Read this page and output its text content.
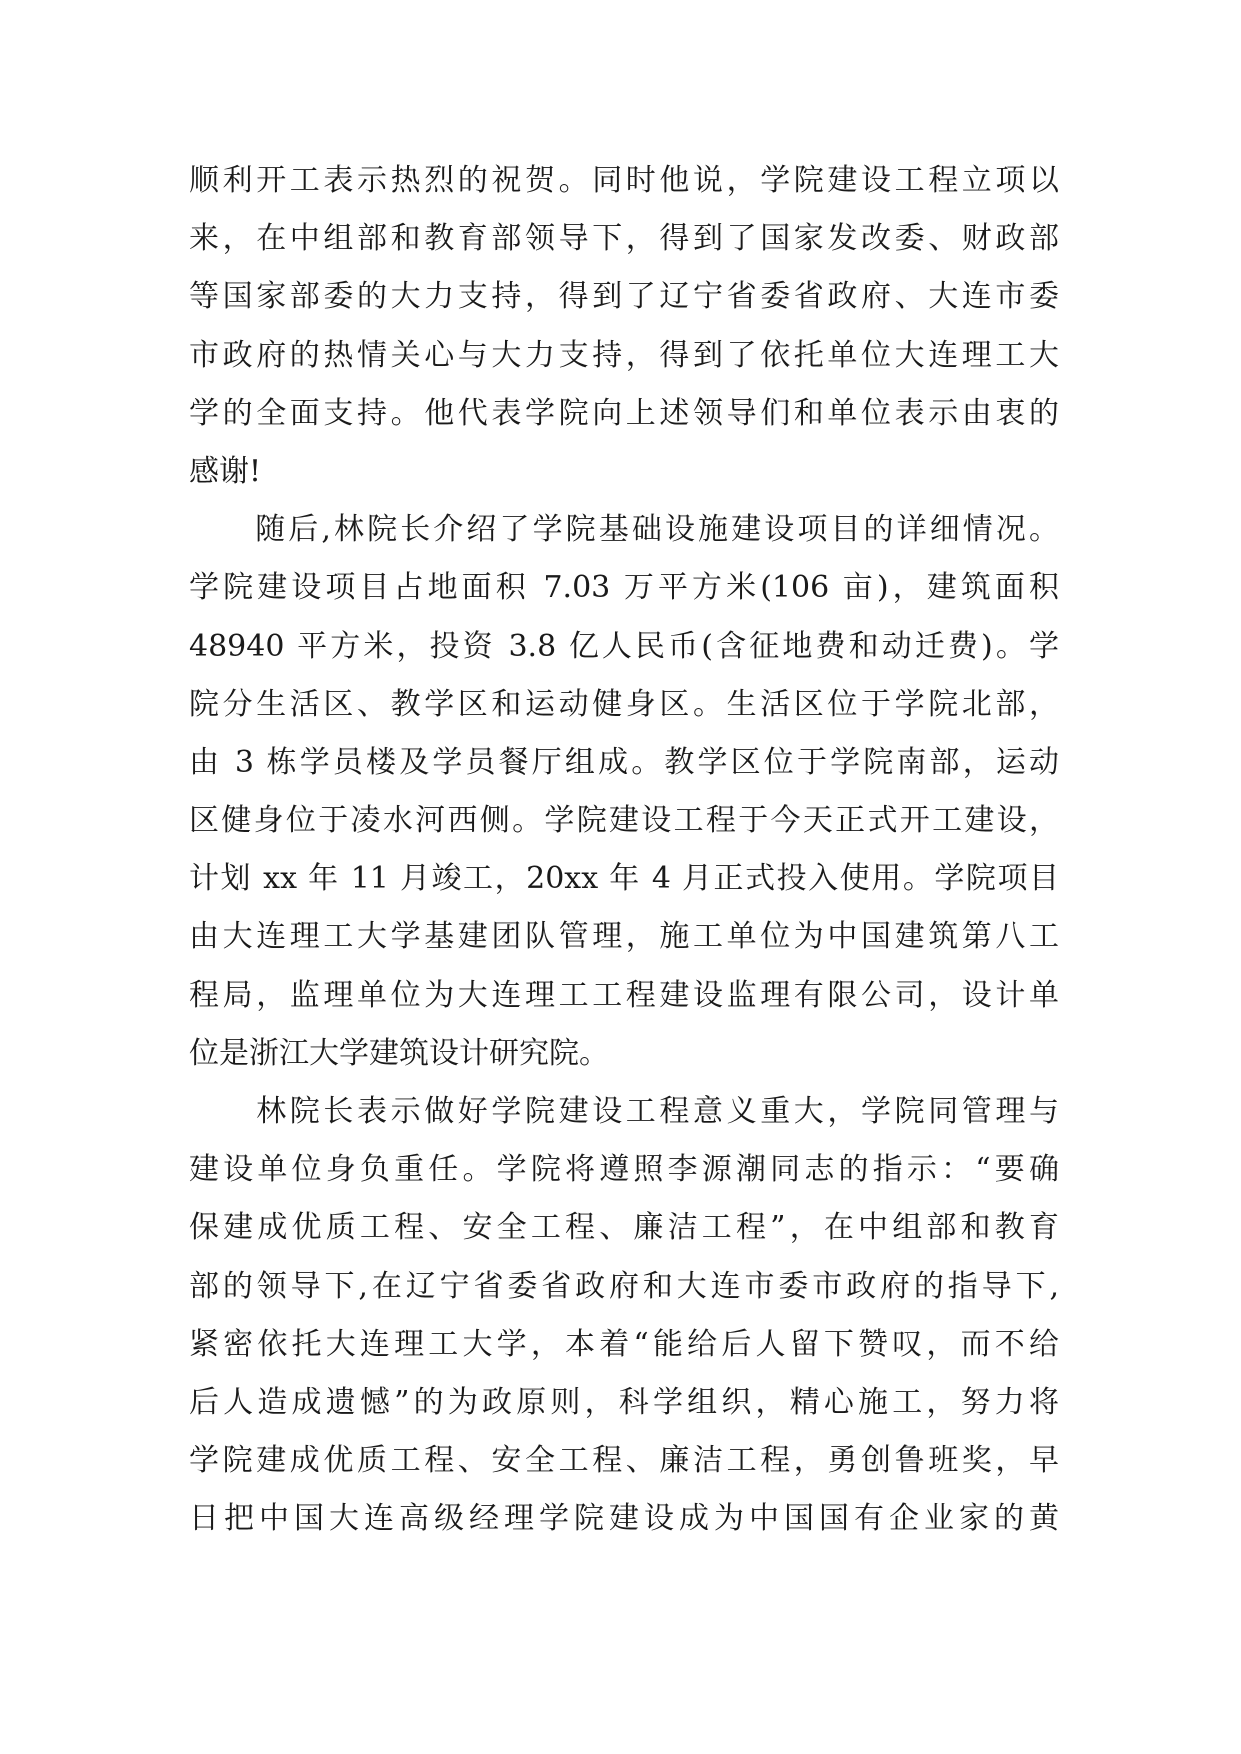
顺利开工表示热烈的祝贺。同时他说，学院建设工程立项以
来，在中组部和教育部领导下，得到了国家发改委、财政部
等国家部委的大力支持，得到了辽宁省委省政府、大连市委
市政府的热情关心与大力支持，得到了依托单位大连理工大
学的全面支持。他代表学院向上述领导们和单位表示由衷的
感谢!
　　随后,林院长介绍了学院基础设施建设项目的详细情况。
学院建设项目占地面积 7.03 万平方米(106 亩)，建筑面积
48940 平方米，投资 3.8 亿人民币(含征地费和动迁费)。学
院分生活区、教学区和运动健身区。生活区位于学院北部，
由 3 栋学员楼及学员餐厅组成。教学区位于学院南部，运动
区健身位于凌水河西侧。学院建设工程于今天正式开工建设，
计划 xx 年 11 月竣工，20xx 年 4 月正式投入使用。学院项目
由大连理工大学基建团队管理，施工单位为中国建筑第八工
程局，监理单位为大连理工工程建设监理有限公司，设计单
位是浙江大学建筑设计研究院。
　　林院长表示做好学院建设工程意义重大，学院同管理与
建设单位身负重任。学院将遵照李源潮同志的指示：“要确
保建成优质工程、安全工程、廉洁工程”，在中组部和教育
部的领导下,在辽宁省委省政府和大连市委市政府的指导下,
紧密依托大连理工大学，本着“能给后人留下赞叹，而不给
后人造成遗憾”的为政原则，科学组织，精心施工，努力将
学院建成优质工程、安全工程、廉洁工程，勇创鲁班奖，早
日把中国大连高级经理学院建设成为中国国有企业家的黄
